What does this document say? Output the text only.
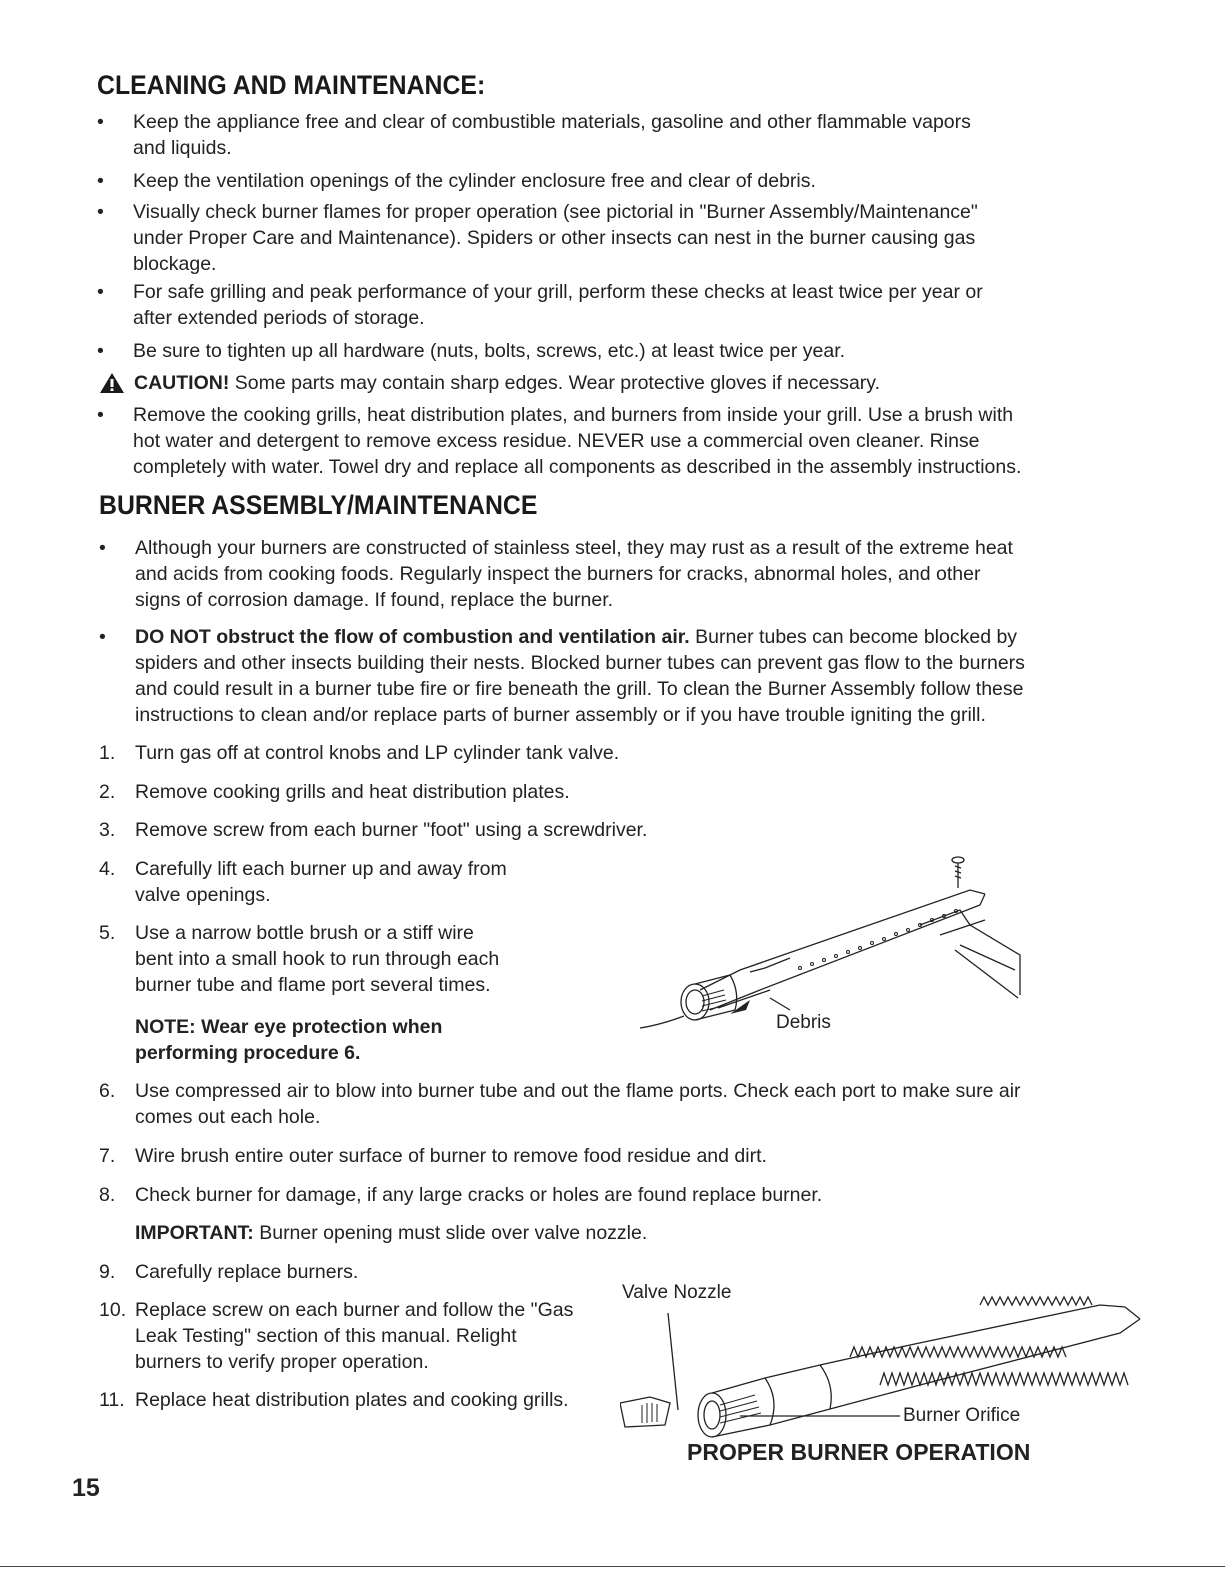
CLEANING AND MAINTENANCE:
• Keep the appliance free and clear of combustible materials, gasoline and other flammable vapors
and liquids.
• Keep the ventilation openings of the cylinder enclosure free and clear of debris.
• Visually check burner flames for proper operation (see pictorial in "Burner Assembly/Maintenance"
under Proper Care and Maintenance). Spiders or other insects can nest in the burner causing gas
blockage.
• For safe grilling and peak performance of your grill, perform these checks at least twice per year or
after extended periods of storage.
• Be sure to tighten up all hardware (nuts, bolts, screws, etc.) at least twice per year.
CAUTION! Some parts may contain sharp edges. Wear protective gloves if necessary.
• Remove the cooking grills, heat distribution plates, and burners from inside your grill. Use a brush with
hot water and detergent to remove excess residue. NEVER use a commercial oven cleaner. Rinse
completely with water. Towel dry and replace all components as described in the assembly instructions.
BURNER ASSEMBLY/MAINTENANCE
• Although your burners are constructed of stainless steel, they may rust as a result of the extreme heat
and acids from cooking foods. Regularly inspect the burners for cracks, abnormal holes, and other
signs of corrosion damage. If found, replace the burner.
• DO NOT obstruct the flow of combustion and ventilation air. Burner tubes can become blocked by
spiders and other insects building their nests. Blocked burner tubes can prevent gas flow to the burners
and could result in a burner tube fire or fire beneath the grill. To clean the Burner Assembly follow these
instructions to clean and/or replace parts of burner assembly or if you have trouble igniting the grill.
1. Turn gas off at control knobs and LP cylinder tank valve.
2. Remove cooking grills and heat distribution plates.
3. Remove screw from each burner "foot" using a screwdriver.
4. Carefully lift each burner up and away from
valve openings.
5. Use a narrow bottle brush or a stiff wire
bent into a small hook to run through each
burner tube and flame port several times.
NOTE: Wear eye protection when
performing procedure 6.
6. Use compressed air to blow into burner tube and out the flame ports. Check each port to make sure air
comes out each hole.
7. Wire brush entire outer surface of burner to remove food residue and dirt.
8. Check burner for damage, if any large cracks or holes are found replace burner.
IMPORTANT: Burner opening must slide over valve nozzle.
9. Carefully replace burners.
10. Replace screw on each burner and follow the "Gas
Leak Testing" section of this manual. Relight
burners to verify proper operation.
11. Replace heat distribution plates and cooking grills.
Debris
Valve Nozzle
Burner Orifice
PROPER BURNER OPERATION
15
